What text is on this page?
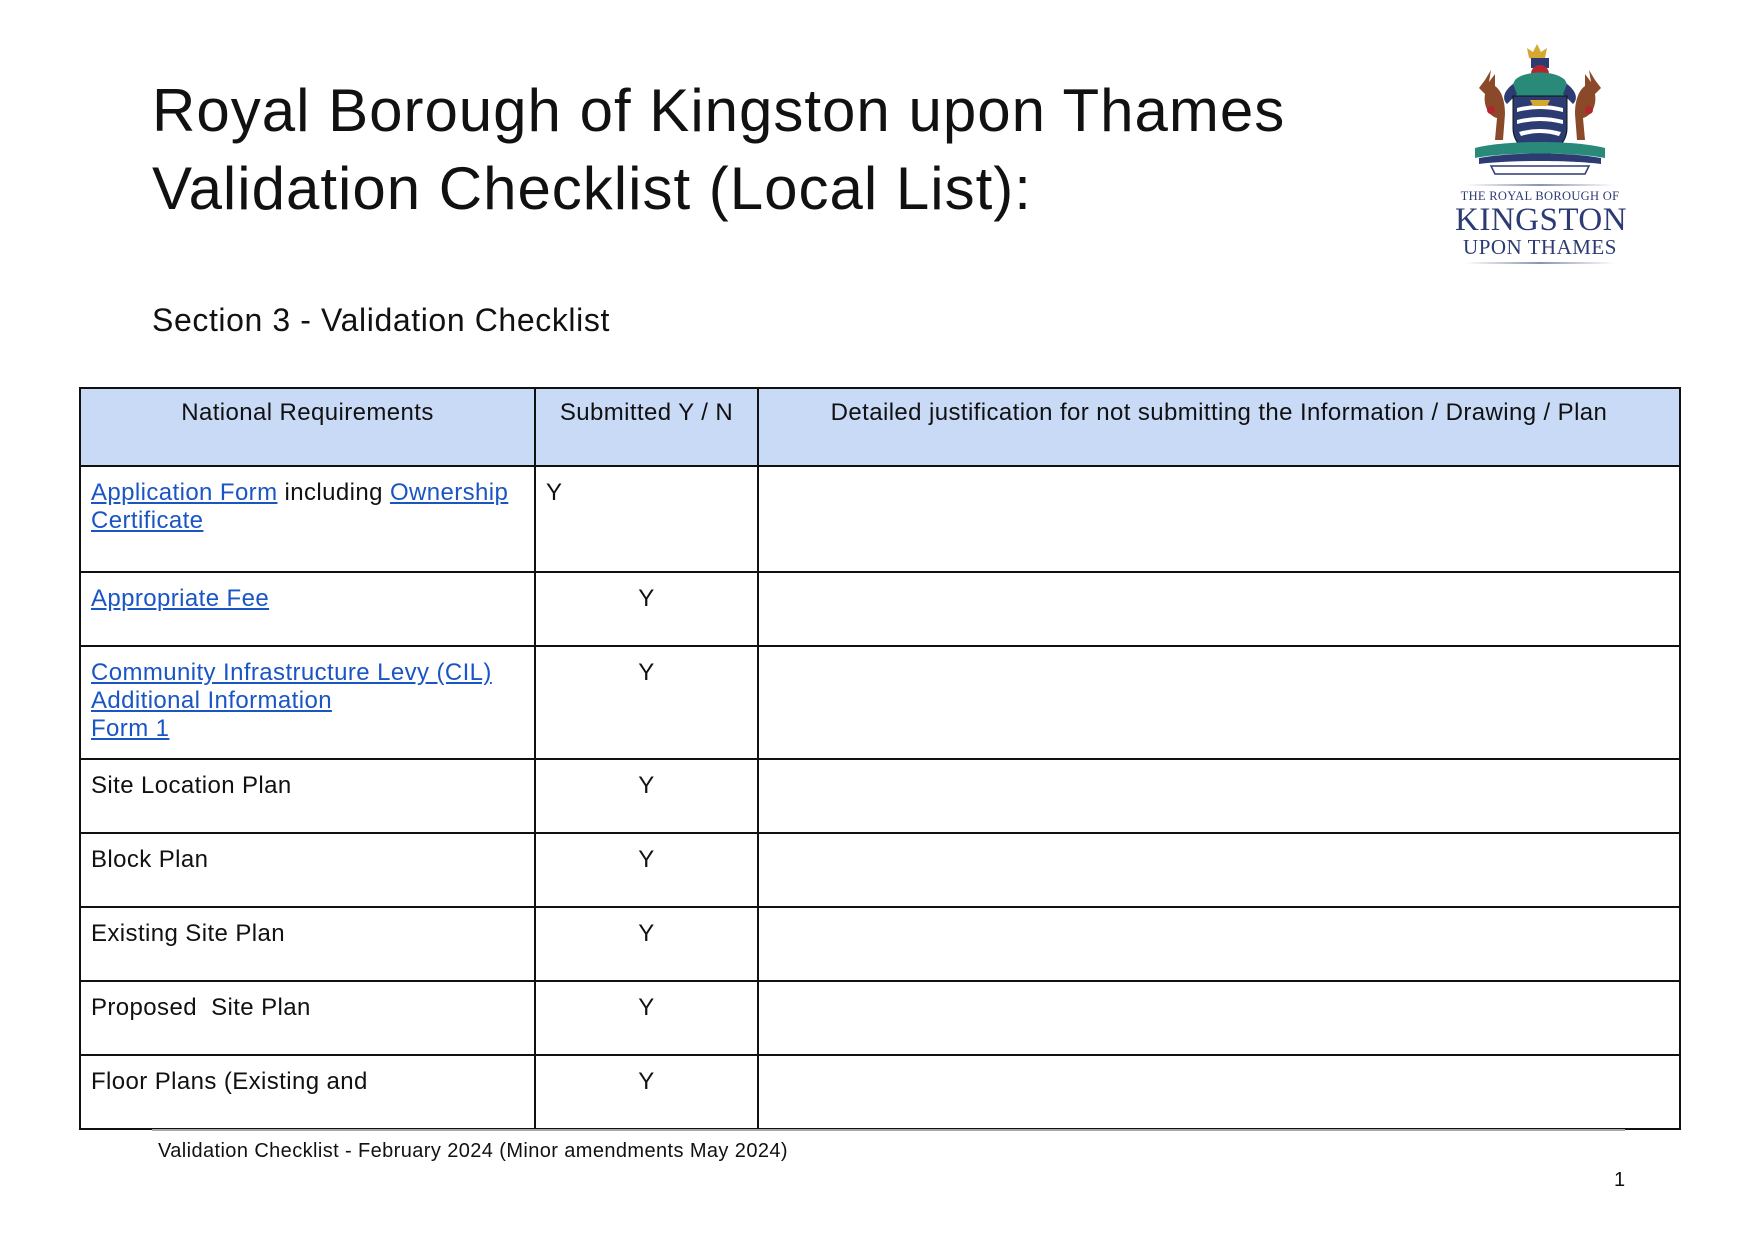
Royal Borough of Kingston upon Thames
Validation Checklist (Local List):	THE ROYAL BOROUGH OF
KINGSTON
UPON THAMES
Section 3 - Validation Checklist
National Requirements	Submitted Y / N	Detailed justification for not submitting the Information / Drawing / Plan
Application Form including Ownership Certificate	Y	
Appropriate Fee	Y	

Community Infrastructure Levy (CIL)
Additional Information
Form 1	Y	
Site Location Plan	Y	
Block Plan	Y	
Existing Site Plan	Y	
Proposed  Site Plan	Y	
Floor Plans (Existing and	Y	
Validation Checklist - February 2024 (Minor amendments May 2024)
1
